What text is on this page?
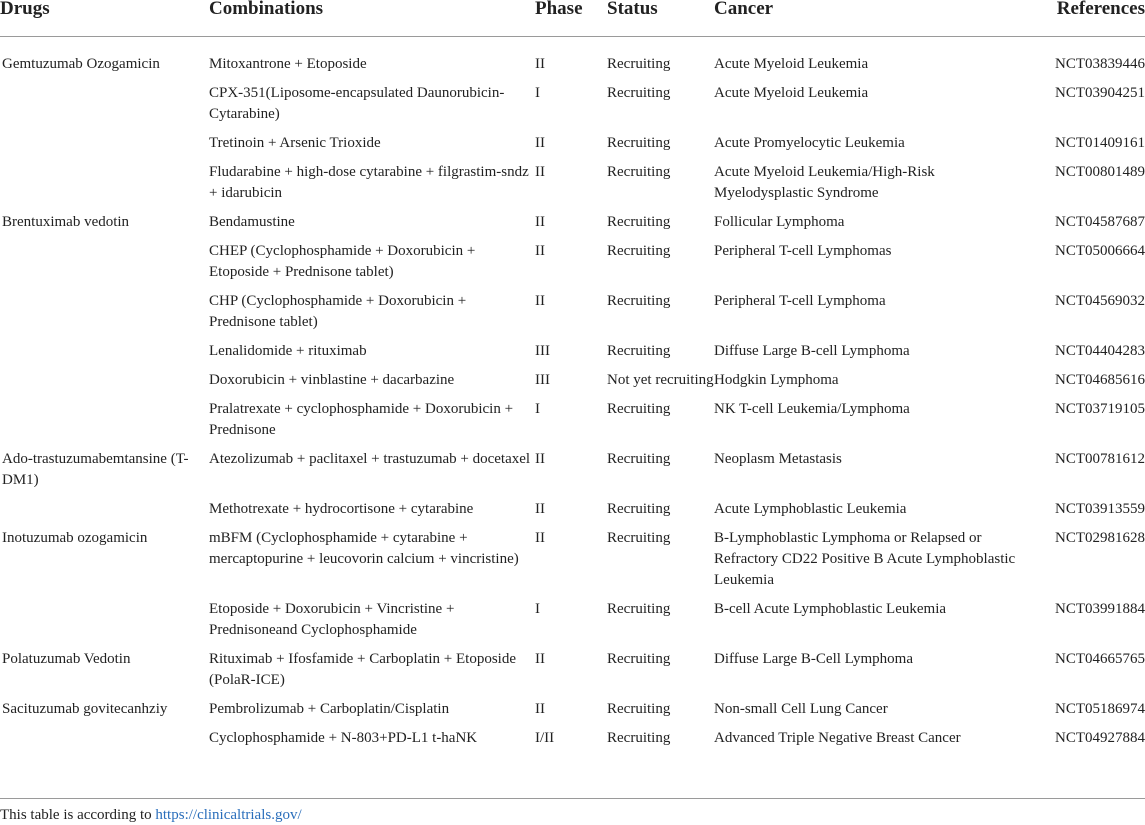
Drugs	Combinations	Phase	Status	Cancer	References
Gemtuzumab Ozogamicin	Mitoxantrone + Etoposide	II	Recruiting	Acute Myeloid Leukemia	NCT03839446
	CPX-351(Liposome-encapsulated Daunorubicin-Cytarabine)	I	Recruiting	Acute Myeloid Leukemia	NCT03904251
	Tretinoin + Arsenic Trioxide	II	Recruiting	Acute Promyelocytic Leukemia	NCT01409161
	Fludarabine + high-dose cytarabine + filgrastim-sndz + idarubicin	II	Recruiting	Acute Myeloid Leukemia/High-Risk Myelodysplastic Syndrome	NCT00801489
Brentuximab vedotin	Bendamustine	II	Recruiting	Follicular Lymphoma	NCT04587687
	CHEP (Cyclophosphamide + Doxorubicin + Etoposide + Prednisone tablet)	II	Recruiting	Peripheral T-cell Lymphomas	NCT05006664
	CHP (Cyclophosphamide + Doxorubicin + Prednisone tablet)	II	Recruiting	Peripheral T-cell Lymphoma	NCT04569032
	Lenalidomide + rituximab	III	Recruiting	Diffuse Large B-cell Lymphoma	NCT04404283
	Doxorubicin + vinblastine + dacarbazine	III	Not yet recruiting	Hodgkin Lymphoma	NCT04685616
	Pralatrexate + cyclophosphamide + Doxorubicin + Prednisone	I	Recruiting	NK T-cell Leukemia/Lymphoma	NCT03719105
Ado-trastuzumabemtansine (T-DM1)	Atezolizumab + paclitaxel + trastuzumab + docetaxel	II	Recruiting	Neoplasm Metastasis	NCT00781612
	Methotrexate + hydrocortisone + cytarabine	II	Recruiting	Acute Lymphoblastic Leukemia	NCT03913559
Inotuzumab ozogamicin	mBFM (Cyclophosphamide + cytarabine + mercaptopurine + leucovorin calcium + vincristine)	II	Recruiting	B-Lymphoblastic Lymphoma or Relapsed or Refractory CD22 Positive B Acute Lymphoblastic Leukemia	NCT02981628
	Etoposide + Doxorubicin + Vincristine + Prednisoneand Cyclophosphamide	I	Recruiting	B-cell Acute Lymphoblastic Leukemia	NCT03991884
Polatuzumab Vedotin	Rituximab + Ifosfamide + Carboplatin + Etoposide (PolaR-ICE)	II	Recruiting	Diffuse Large B-Cell Lymphoma	NCT04665765
Sacituzumab govitecanhziy	Pembrolizumab + Carboplatin/Cisplatin	II	Recruiting	Non-small Cell Lung Cancer	NCT05186974
	Cyclophosphamide + N-803+PD-L1 t-haNK	I/II	Recruiting	Advanced Triple Negative Breast Cancer	NCT04927884
This table is according to https://clinicaltrials.gov/
